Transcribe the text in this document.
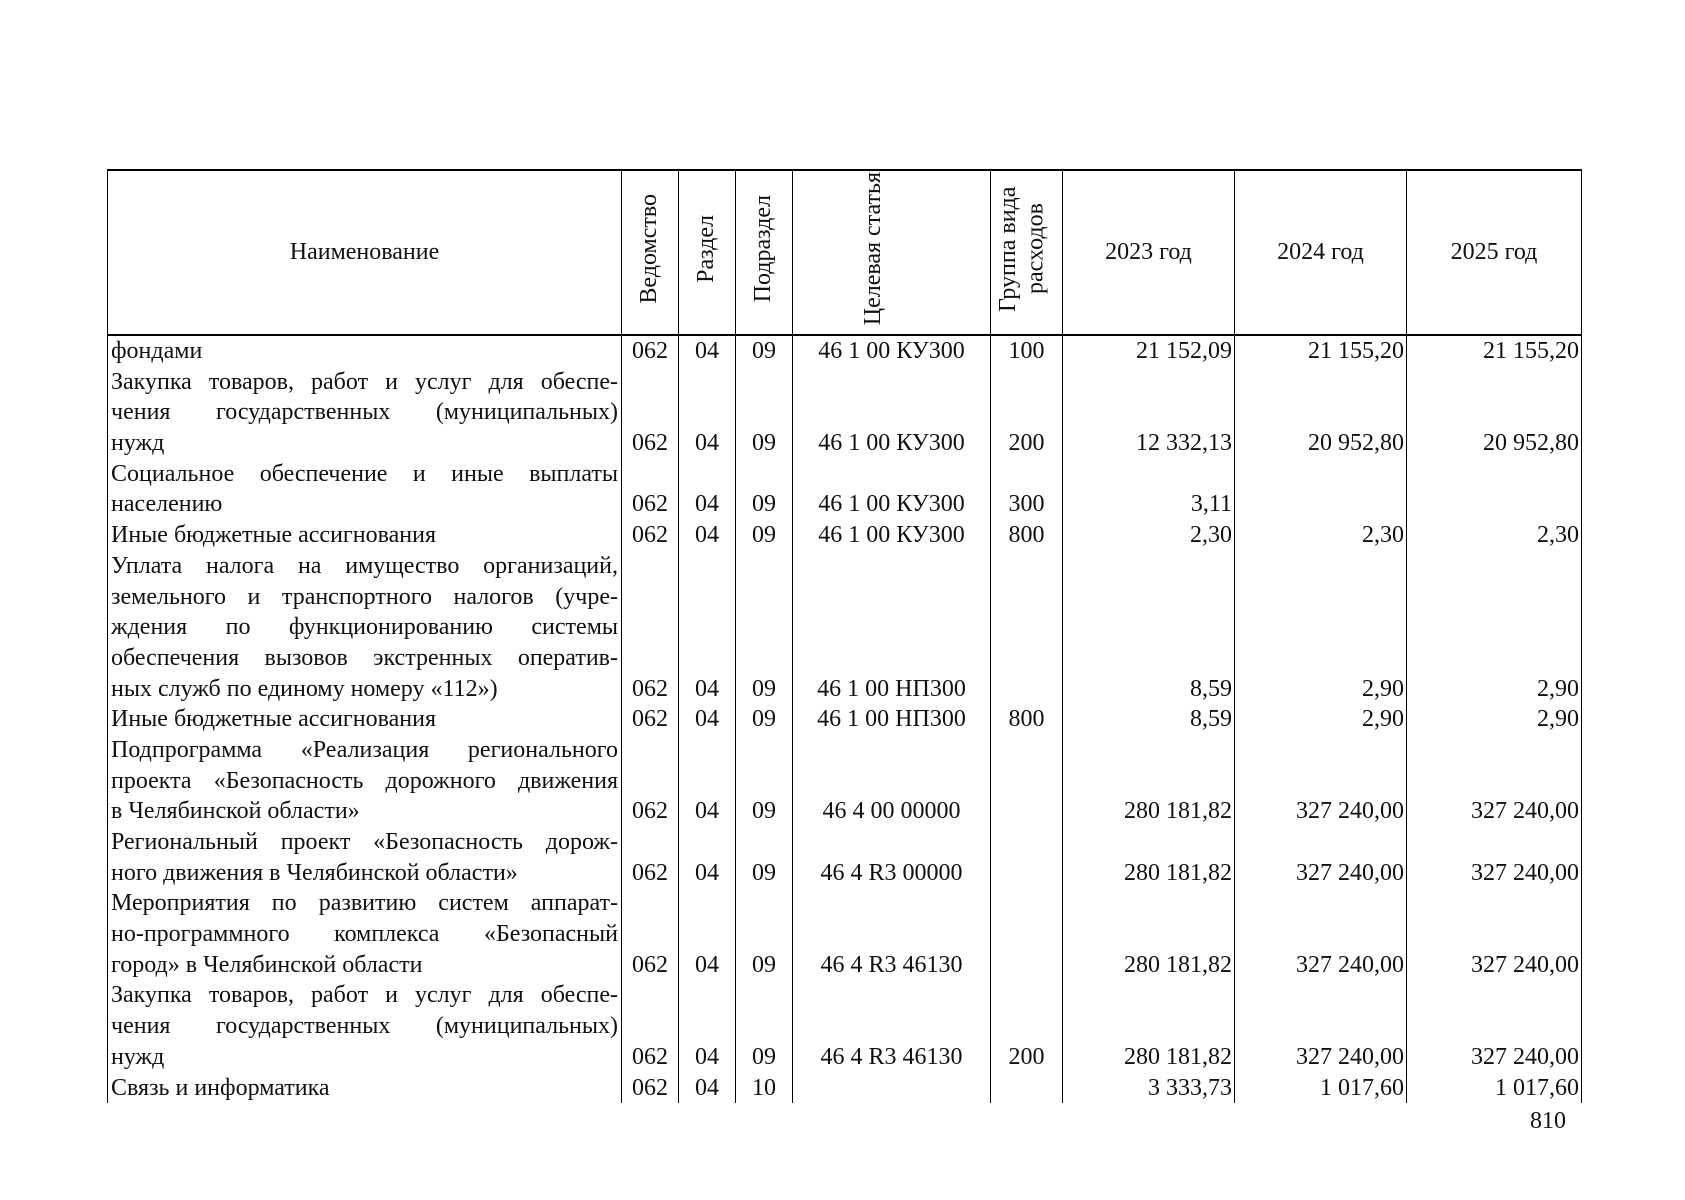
Наименование	Ведомство	Раздел	Подраздел	Целевая статья	Группа вида расходов	2023 год	2024 год	2025 год

фондами	062	04	09	46 1 00 КУ300	100	21 152,09	21 155,20	21 155,20

Закупка товаров, работ и услуг для обеспе-
чения государственных (муниципальных)
нужд	062	04	09	46 1 00 КУ300	200	12 332,13	20 952,80	20 952,80

Социальное обеспечение и иные выплаты
населению	062	04	09	46 1 00 КУ300	300	3,11		

Иные бюджетные ассигнования	062	04	09	46 1 00 КУ300	800	2,30	2,30	2,30

Уплата налога на имущество организаций,
земельного и транспортного налогов (учре-
ждения по функционированию системы
обеспечения вызовов экстренных оператив-
ных служб по единому номеру «112»)	062	04	09	46 1 00 НП300		8,59	2,90	2,90

Иные бюджетные ассигнования	062	04	09	46 1 00 НП300	800	8,59	2,90	2,90

Подпрограмма «Реализация регионального
проекта «Безопасность дорожного движения
в Челябинской области»	062	04	09	46 4 00 00000		280 181,82	327 240,00	327 240,00

Региональный проект «Безопасность дорож-
ного движения в Челябинской области»	062	04	09	46 4 R3 00000		280 181,82	327 240,00	327 240,00

Мероприятия по развитию систем аппарат-
но-программного комплекса «Безопасный
город» в Челябинской области	062	04	09	46 4 R3 46130		280 181,82	327 240,00	327 240,00

Закупка товаров, работ и услуг для обеспе-
чения государственных (муниципальных)
нужд	062	04	09	46 4 R3 46130	200	280 181,82	327 240,00	327 240,00

Связь и информатика	062	04	10			3 333,73	1 017,60	1 017,60
810
